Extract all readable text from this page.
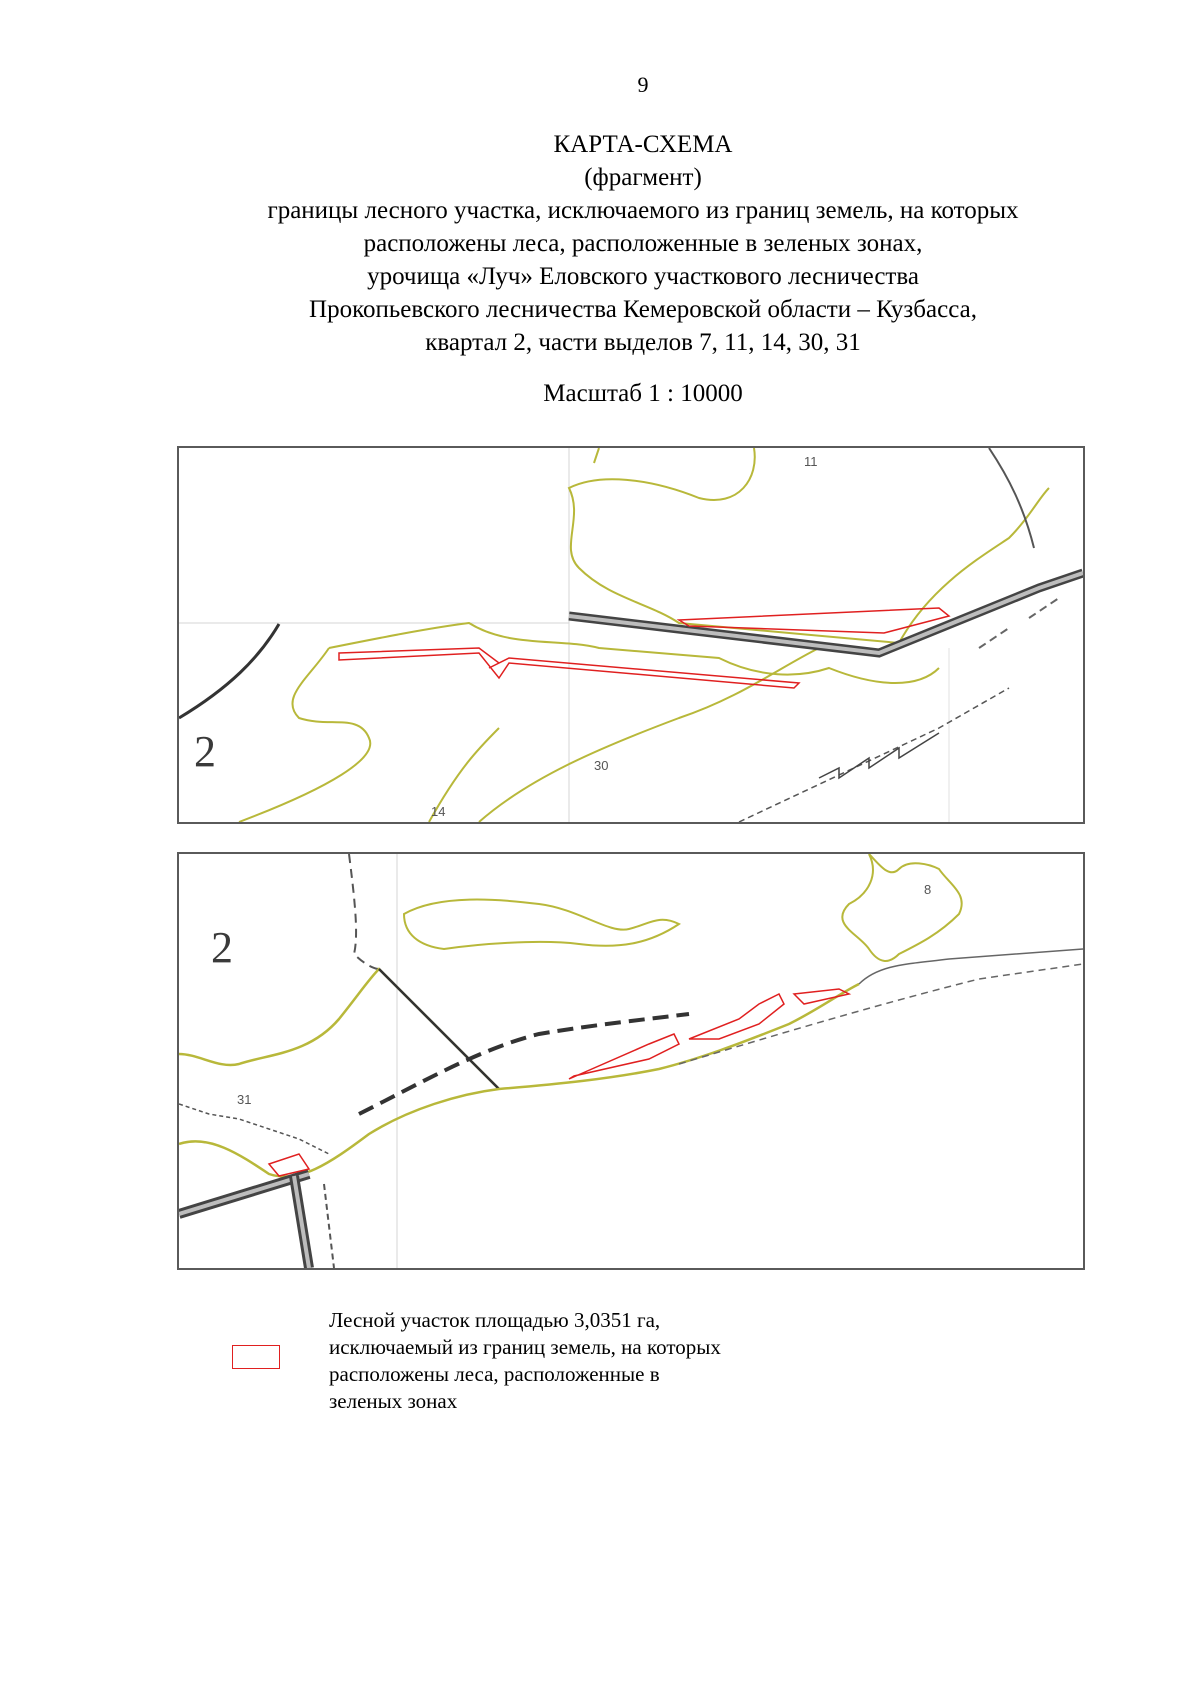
9
КАРТА-СХЕМА
(фрагмент)
границы лесного участка, исключаемого из границ земель, на которых
расположены леса, расположенные в зеленых зонах,
урочища «Луч» Еловского участкового лесничества
Прокопьевского лесничества Кемеровской области – Кузбасса,
квартал 2, части выделов 7, 11, 14, 30, 31
Масштаб 1 : 10000
2
11
30
14
2
8
31
Лесной участок площадью 3,0351 га,
исключаемый из границ земель, на которых
расположены леса, расположенные в
зеленых зонах
